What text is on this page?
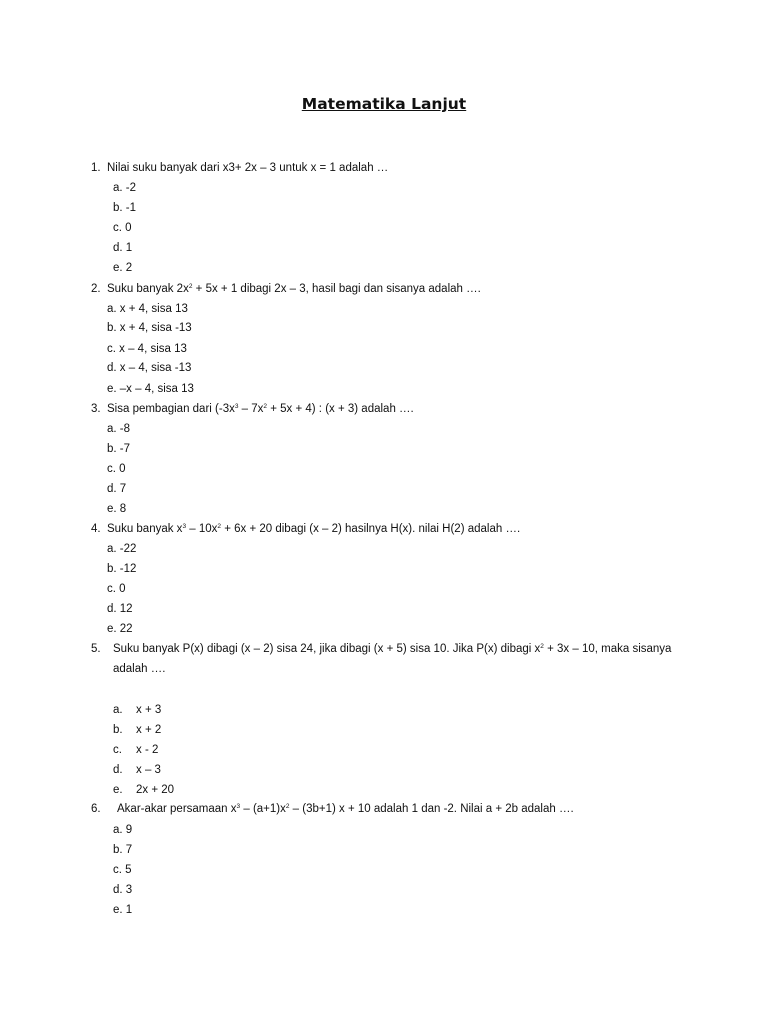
Matematika Lanjut
1. Nilai suku banyak dari x3+ 2x – 3 untuk x = 1 adalah …
a. -2
b. -1
c. 0
d. 1
e. 2
2. Suku banyak $2x^2 + 5x + 1$ dibagi 2x – 3, hasil bagi dan sisanya adalah ….
a. x + 4, sisa 13
b. x + 4, sisa -13
c. x – 4, sisa 13
d. x – 4, sisa -13
e. –x – 4, sisa 13
3. Sisa pembagian dari $(-3x^3 - 7x^2 + 5x + 4)$ : (x + 3) adalah ….
a. -8
b. -7
c. 0
d. 7
e. 8
4. Suku banyak $x^3 - 10x^2 + 6x + 20$ dibagi (x – 2) hasilnya H(x). nilai H(2) adalah ….
a. -22
b. -12
c. 0
d. 12
e. 22
5. Suku banyak P(x) dibagi (x – 2) sisa 24, jika dibagi (x + 5) sisa 10. Jika P(x) dibagi $x^2 + 3x - 10$, maka sisanya
adalah ….
a. x + 3
b. x + 2
c. x - 2
d. x – 3
e. 2x + 20
6. Akar-akar persamaan $x^3 - (a+1)x^2 - (3b+1) x + 10$ adalah 1 dan -2. Nilai a + 2b adalah ….
a. 9
b. 7
c. 5
d. 3
e. 1
